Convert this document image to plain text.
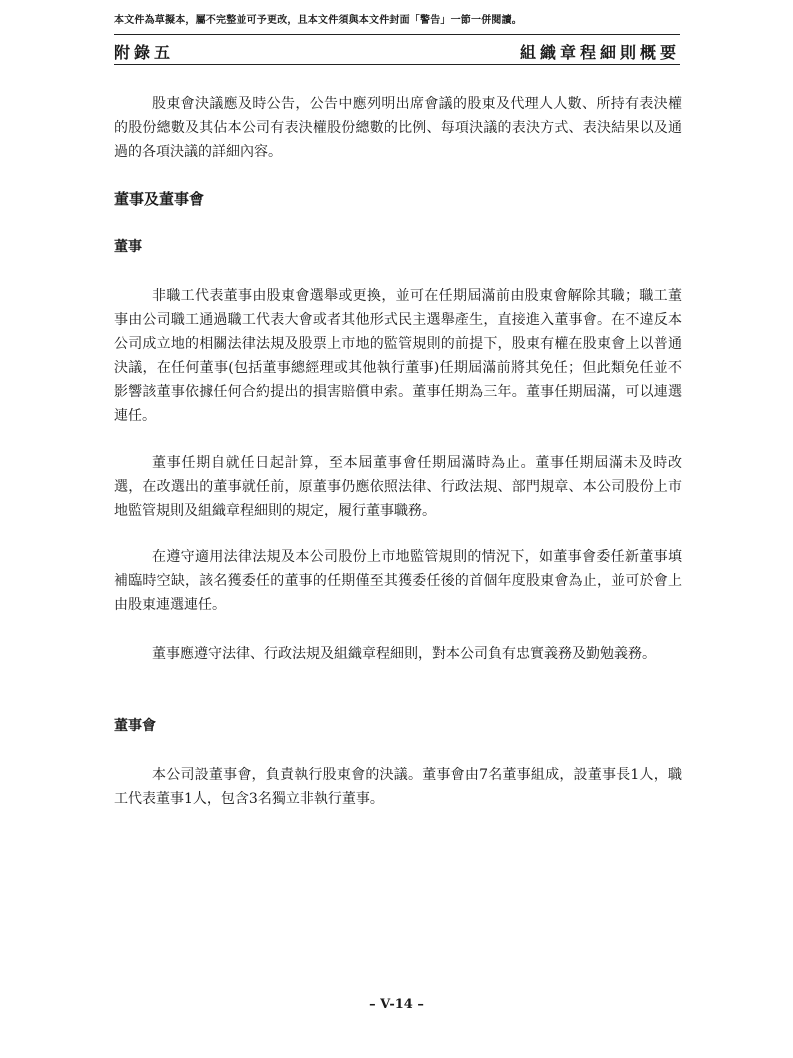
本文件為草擬本，屬不完整並可予更改，且本文件須與本文件封面「警告」一節一併閱讀。
附錄五	組織章程細則概要

股東會決議應及時公告，公告中應列明出席會議的股東及代理人人數、所持有表決權的股份總數及其佔本公司有表決權股份總數的比例、每項決議的表決方式、表決結果以及通過的各項決議的詳細內容。

董事及董事會
董事

非職工代表董事由股東會選舉或更換，並可在任期屆滿前由股東會解除其職；職工董事由公司職工通過職工代表大會或者其他形式民主選舉產生，直接進入董事會。在不違反本公司成立地的相關法律法規及股票上市地的監管規則的前提下，股東有權在股東會上以普通決議，在任何董事(包括董事總經理或其他執行董事)任期屆滿前將其免任；但此類免任並不影響該董事依據任何合約提出的損害賠償申索。董事任期為三年。董事任期屆滿，可以連選連任。

董事任期自就任日起計算，至本屆董事會任期屆滿時為止。董事任期屆滿未及時改選，在改選出的董事就任前，原董事仍應依照法律、行政法規、部門規章、本公司股份上市地監管規則及組織章程細則的規定，履行董事職務。

在遵守適用法律法規及本公司股份上市地監管規則的情況下，如董事會委任新董事填補臨時空缺，該名獲委任的董事的任期僅至其獲委任後的首個年度股東會為止，並可於會上由股東連選連任。

董事應遵守法律、行政法規及組織章程細則，對本公司負有忠實義務及勤勉義務。

董事會

本公司設董事會，負責執行股東會的決議。董事會由7名董事組成，設董事長1人，職工代表董事1人，包含3名獨立非執行董事。

– V-14 –
